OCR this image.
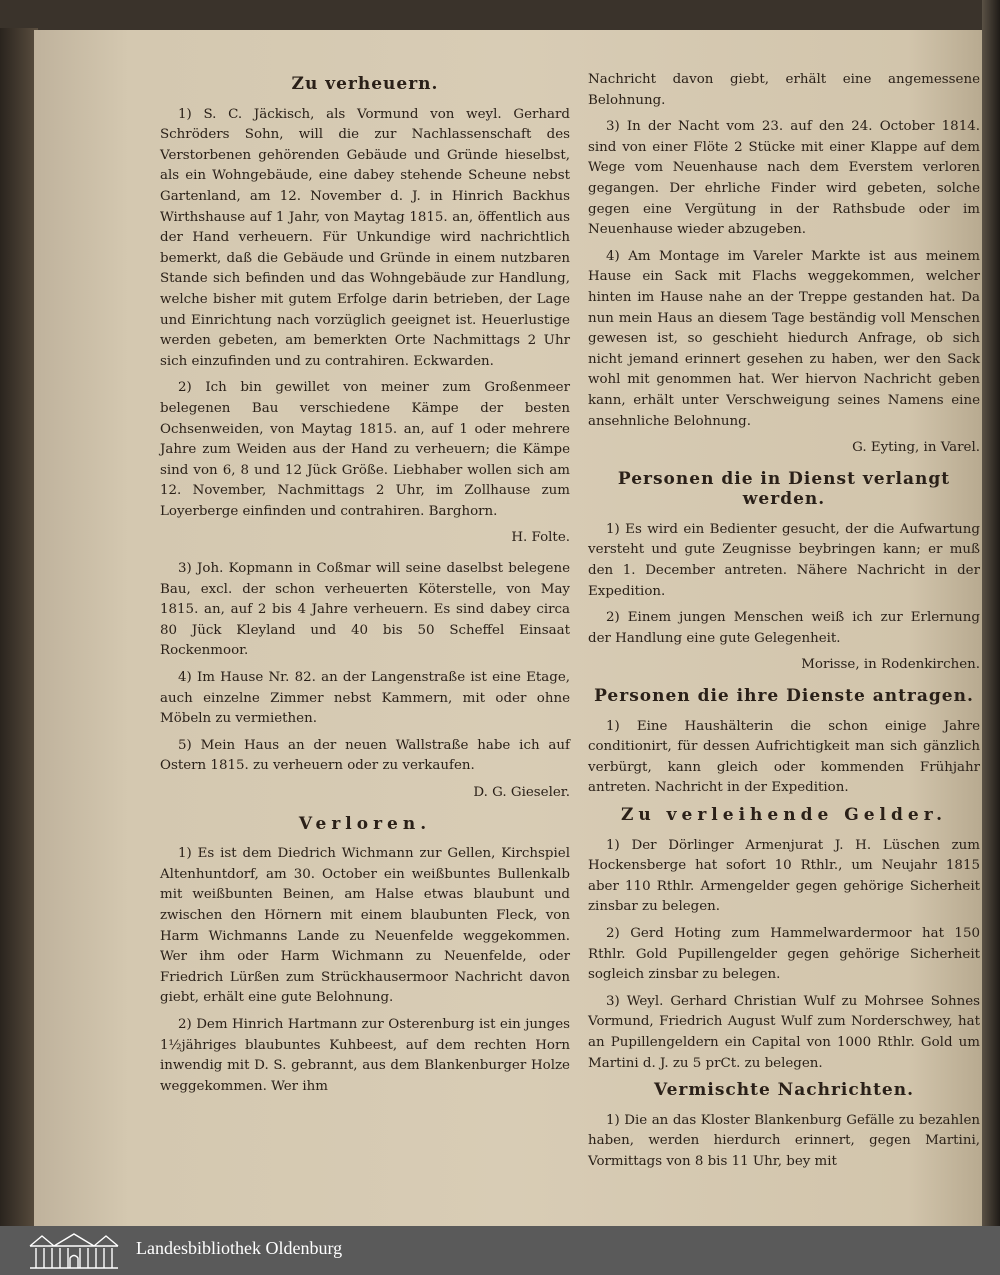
Zu verheuern.

1) S. C. Jäckisch, als Vormund von weyl. Gerhard Schröders Sohn, will die zur Nachlassenschaft des Verstorbenen gehörenden Gebäude und Gründe hieselbst, als ein Wohngebäude, eine dabey stehende Scheune nebst Gartenland, am 12. November d. J. in Hinrich Backhus Wirthshause auf 1 Jahr, von Maytag 1815. an, öffentlich aus der Hand verheuern. Für Unkundige wird nachrichtlich bemerkt, daß die Gebäude und Gründe in einem nutzbaren Stande sich befinden und das Wohngebäude zur Handlung, welche bisher mit gutem Erfolge darin betrieben, der Lage und Einrichtung nach vorzüglich geeignet ist. Heuerlustige werden gebeten, am bemerkten Orte Nachmittags 2 Uhr sich einzufinden und zu contrahiren. Eckwarden.

2) Ich bin gewillet von meiner zum Großenmeer belegenen Bau verschiedene Kämpe der besten Ochsenweiden, von Maytag 1815. an, auf 1 oder mehrere Jahre zum Weiden aus der Hand zu verheuern; die Kämpe sind von 6, 8 und 12 Jück Größe. Liebhaber wollen sich am 12. November, Nachmittags 2 Uhr, im Zollhause zum Loyerberge einfinden und contrahiren. Barghorn.

H. Folte.

3) Joh. Kopmann in Coßmar will seine daselbst belegene Bau, excl. der schon verheuerten Köterstelle, von May 1815. an, auf 2 bis 4 Jahre verheuern. Es sind dabey circa 80 Jück Kleyland und 40 bis 50 Scheffel Einsaat Rockenmoor.

4) Im Hause Nr. 82. an der Langenstraße ist eine Etage, auch einzelne Zimmer nebst Kammern, mit oder ohne Möbeln zu vermiethen.

5) Mein Haus an der neuen Wallstraße habe ich auf Ostern 1815. zu verheuern oder zu verkaufen.

D. G. Gieseler.
Verloren.

1) Es ist dem Diedrich Wichmann zur Gellen, Kirchspiel Altenhuntdorf, am 30. October ein weißbuntes Bullenkalb mit weißbunten Beinen, am Halse etwas blaubunt und zwischen den Hörnern mit einem blaubunten Fleck, von Harm Wichmanns Lande zu Neuenfelde weggekommen. Wer ihm oder Harm Wichmann zu Neuenfelde, oder Friedrich Lürßen zum Strückhausermoor Nachricht davon giebt, erhält eine gute Belohnung.

2) Dem Hinrich Hartmann zur Osterenburg ist ein junges 1½jähriges blaubuntes Kuhbeest, auf dem rechten Horn inwendig mit D. S. gebrannt, aus dem Blankenburger Holze weggekommen. Wer ihm

Nachricht davon giebt, erhält eine angemessene Belohnung.

3) In der Nacht vom 23. auf den 24. October 1814. sind von einer Flöte 2 Stücke mit einer Klappe auf dem Wege vom Neuenhause nach dem Everstem verloren gegangen. Der ehrliche Finder wird gebeten, solche gegen eine Vergütung in der Rathsbude oder im Neuenhause wieder abzugeben.

4) Am Montage im Vareler Markte ist aus meinem Hause ein Sack mit Flachs weggekommen, welcher hinten im Hause nahe an der Treppe gestanden hat. Da nun mein Haus an diesem Tage beständig voll Menschen gewesen ist, so geschieht hiedurch Anfrage, ob sich nicht jemand erinnert gesehen zu haben, wer den Sack wohl mit genommen hat. Wer hiervon Nachricht geben kann, erhält unter Verschweigung seines Namens eine ansehnliche Belohnung.

G. Eyting, in Varel.
Personen die in Dienst verlangt werden.

1) Es wird ein Bedienter gesucht, der die Aufwartung versteht und gute Zeugnisse beybringen kann; er muß den 1. December antreten. Nähere Nachricht in der Expedition.

2) Einem jungen Menschen weiß ich zur Erlernung der Handlung eine gute Gelegenheit.

Morisse, in Rodenkirchen.
Personen die ihre Dienste antragen.

1) Eine Haushälterin die schon einige Jahre conditionirt, für dessen Aufrichtigkeit man sich gänzlich verbürgt, kann gleich oder kommenden Frühjahr antreten. Nachricht in der Expedition.

Zu verleihende Gelder.

1) Der Dörlinger Armenjurat J. H. Lüschen zum Hockensberge hat sofort 10 Rthlr., um Neujahr 1815 aber 110 Rthlr. Armengelder gegen gehörige Sicherheit zinsbar zu belegen.

2) Gerd Hoting zum Hammelwardermoor hat 150 Rthlr. Gold Pupillengelder gegen gehörige Sicherheit sogleich zinsbar zu belegen.

3) Weyl. Gerhard Christian Wulf zu Mohrsee Sohnes Vormund, Friedrich August Wulf zum Norderschwey, hat an Pupillengeldern ein Capital von 1000 Rthlr. Gold um Martini d. J. zu 5 prCt. zu belegen.

Vermischte Nachrichten.

1) Die an das Kloster Blankenburg Gefälle zu bezahlen haben, werden hierdurch erinnert, gegen Martini, Vormittags von 8 bis 11 Uhr, bey mit

Landesbibliothek Oldenburg
